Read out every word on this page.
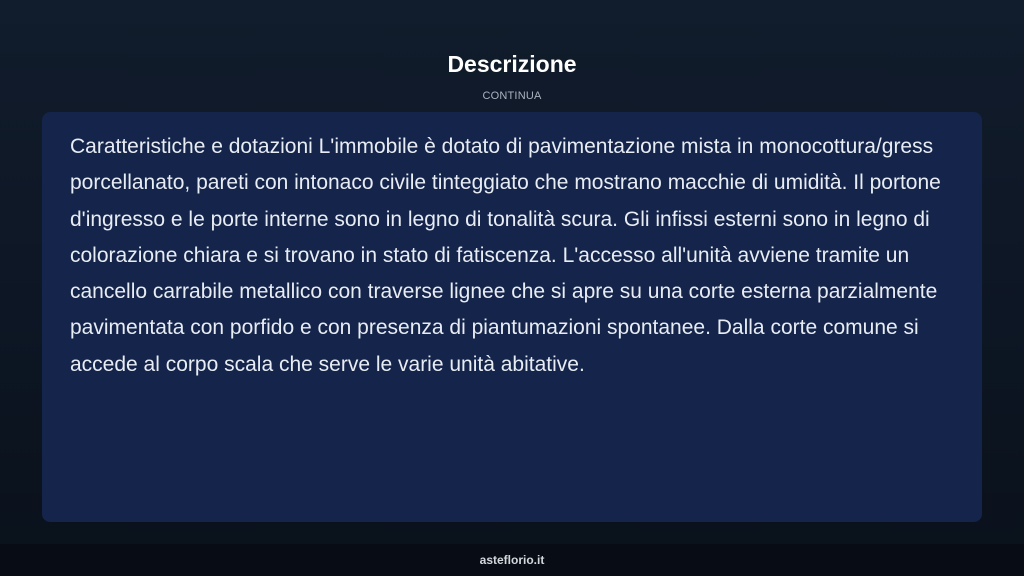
Descrizione
CONTINUA

Caratteristiche e dotazioni L'immobile è dotato di pavimentazione mista in monocottura/gress porcellanato, pareti con intonaco civile tinteggiato che mostrano macchie di umidità. Il portone d'ingresso e le porte interne sono in legno di tonalità scura. Gli infissi esterni sono in legno di colorazione chiara e si trovano in stato di fatiscenza. L'accesso all'unità avviene tramite un cancello carrabile metallico con traverse lignee che si apre su una corte esterna parzialmente pavimentata con porfido e con presenza di piantumazioni spontanee. Dalla corte comune si accede al corpo scala che serve le varie unità abitative.

asteflorio.it
